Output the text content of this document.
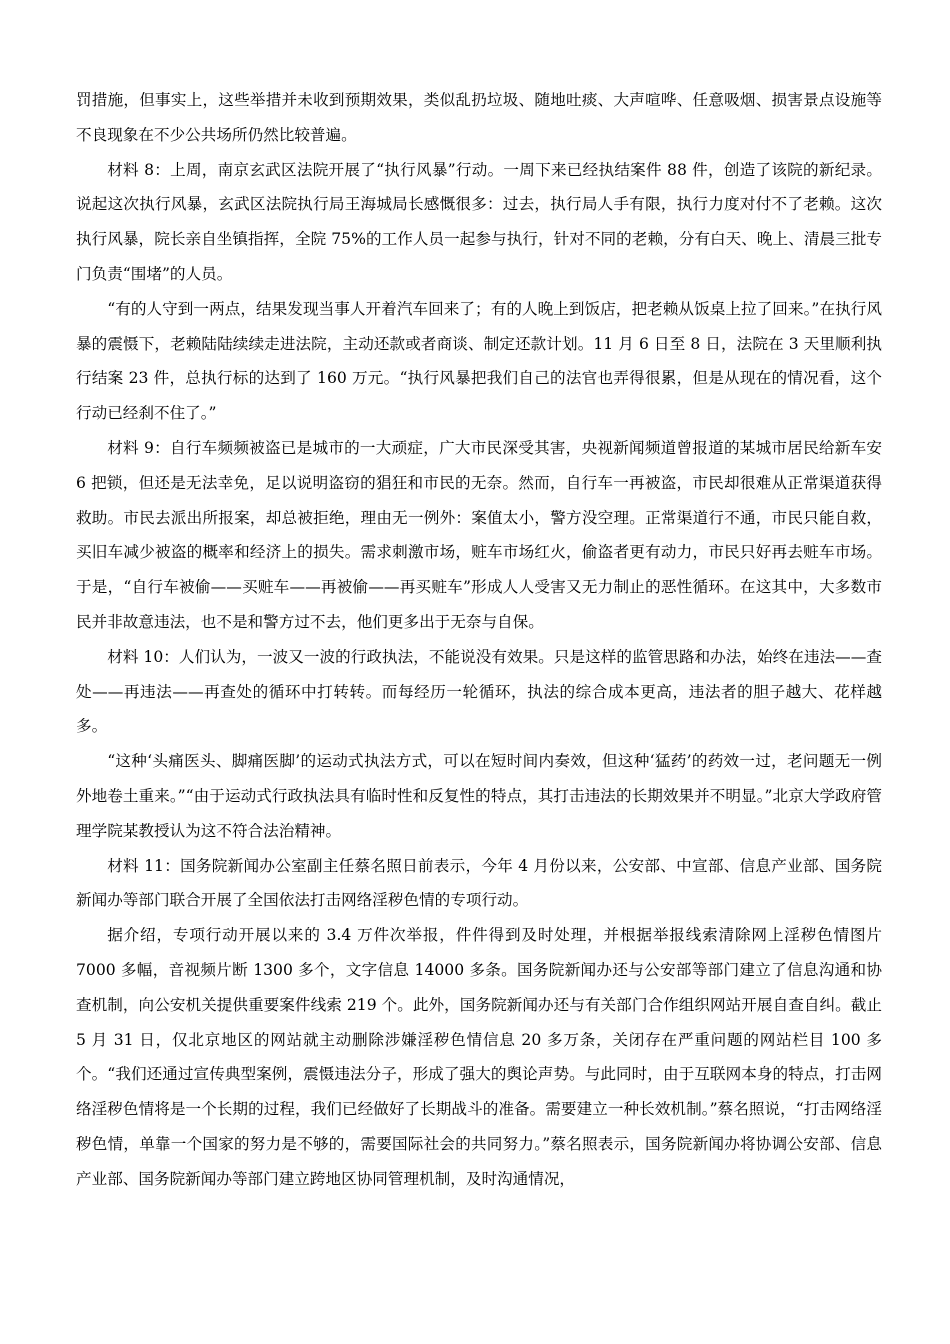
罚措施，但事实上，这些举措并未收到预期效果，类似乱扔垃圾、随地吐痰、大声喧哗、任意吸烟、损害景点设施等不良现象在不少公共场所仍然比较普遍。

材料 8：上周，南京玄武区法院开展了“执行风暴”行动。一周下来已经执结案件 88 件，创造了该院的新纪录。说起这次执行风暴，玄武区法院执行局王海城局长感慨很多：过去，执行局人手有限，执行力度对付不了老赖。这次执行风暴，院长亲自坐镇指挥，全院 75%的工作人员一起参与执行，针对不同的老赖，分有白天、晚上、清晨三批专门负责“围堵”的人员。

“有的人守到一两点，结果发现当事人开着汽车回来了；有的人晚上到饭店，把老赖从饭桌上拉了回来。”在执行风暴的震慑下，老赖陆陆续续走进法院，主动还款或者商谈、制定还款计划。11 月 6 日至 8 日，法院在 3 天里顺利执行结案 23 件，总执行标的达到了 160 万元。“执行风暴把我们自己的法官也弄得很累，但是从现在的情况看，这个行动已经刹不住了。”

材料 9：自行车频频被盗已是城市的一大顽症，广大市民深受其害，央视新闻频道曾报道的某城市居民给新车安 6 把锁，但还是无法幸免，足以说明盗窃的猖狂和市民的无奈。然而，自行车一再被盗，市民却很难从正常渠道获得救助。市民去派出所报案，却总被拒绝，理由无一例外：案值太小，警方没空理。正常渠道行不通，市民只能自救，买旧车减少被盗的概率和经济上的损失。需求刺激市场，赃车市场红火，偷盗者更有动力，市民只好再去赃车市场。于是，“自行车被偷——买赃车——再被偷——再买赃车”形成人人受害又无力制止的恶性循环。在这其中，大多数市民并非故意违法，也不是和警方过不去，他们更多出于无奈与自保。

材料 10：人们认为，一波又一波的行政执法，不能说没有效果。只是这样的监管思路和办法，始终在违法——查处——再违法——再查处的循环中打转转。而每经历一轮循环，执法的综合成本更高，违法者的胆子越大、花样越多。

“这种‘头痛医头、脚痛医脚’的运动式执法方式，可以在短时间内奏效，但这种‘猛药’的药效一过，老问题无一例外地卷土重来。”“由于运动式行政执法具有临时性和反复性的特点，其打击违法的长期效果并不明显。”北京大学政府管理学院某教授认为这不符合法治精神。

材料 11：国务院新闻办公室副主任蔡名照日前表示，今年 4 月份以来，公安部、中宣部、信息产业部、国务院新闻办等部门联合开展了全国依法打击网络淫秽色情的专项行动。

据介绍，专项行动开展以来的 3.4 万件次举报，件件得到及时处理，并根据举报线索清除网上淫秽色情图片 7000 多幅，音视频片断 1300 多个，文字信息 14000 多条。国务院新闻办还与公安部等部门建立了信息沟通和协查机制，向公安机关提供重要案件线索 219 个。此外，国务院新闻办还与有关部门合作组织网站开展自查自纠。截止 5 月 31 日，仅北京地区的网站就主动删除涉嫌淫秽色情信息 20 多万条，关闭存在严重问题的网站栏目 100 多个。“我们还通过宣传典型案例，震慑违法分子，形成了强大的舆论声势。与此同时，由于互联网本身的特点，打击网络淫秽色情将是一个长期的过程，我们已经做好了长期战斗的准备。需要建立一种长效机制。”蔡名照说，“打击网络淫秽色情，单靠一个国家的努力是不够的，需要国际社会的共同努力。”蔡名照表示，国务院新闻办将协调公安部、信息产业部、国务院新闻办等部门建立跨地区协同管理机制，及时沟通情况，
